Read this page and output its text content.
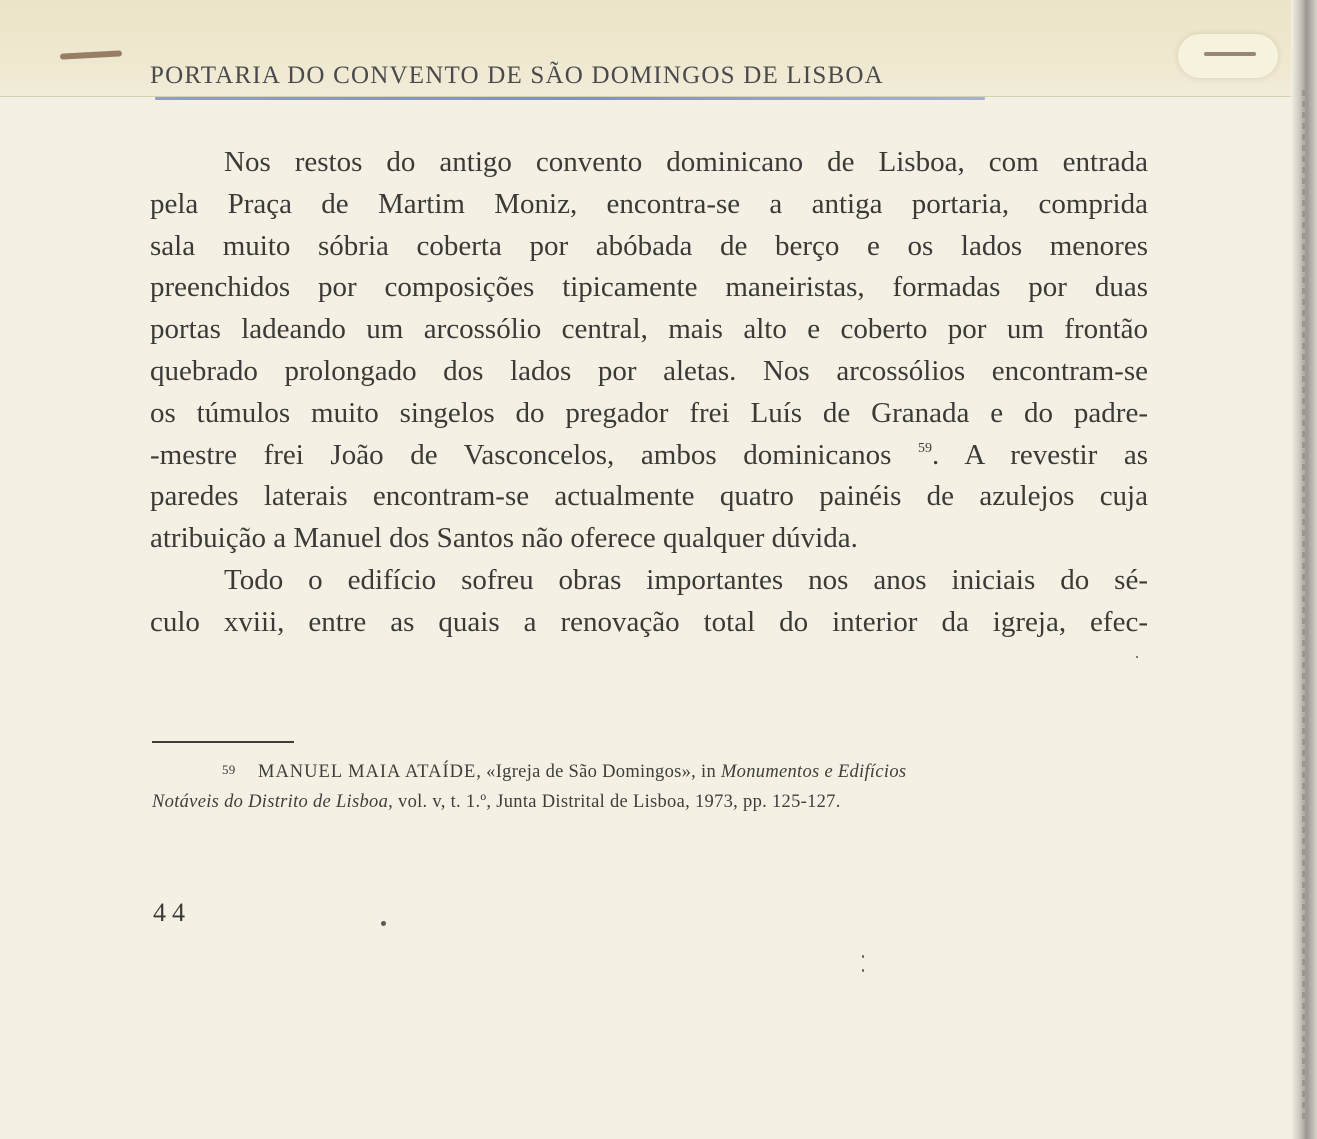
PORTARIA DO CONVENTO DE SÃO DOMINGOS DE LISBOA
Nos restos do antigo convento dominicano de Lisboa, com entrada
pela Praça de Martim Moniz, encontra-se a antiga portaria, comprida
sala muito sóbria coberta por abóbada de berço e os lados menores
preenchidos por composições tipicamente maneiristas, formadas por duas
portas ladeando um arcossólio central, mais alto e coberto por um frontão
quebrado prolongado dos lados por aletas. Nos arcossólios encontram-se
os túmulos muito singelos do pregador frei Luís de Granada e do padre-
-mestre frei João de Vasconcelos, ambos dominicanos $^{59}$. A revestir as
paredes laterais encontram-se actualmente quatro painéis de azulejos cuja
atribuição a Manuel dos Santos não oferece qualquer dúvida.
Todo o edifício sofreu obras importantes nos anos iniciais do sé-
culo xviii, entre as quais a renovação total do interior da igreja, efec-
59 MANUEL MAIA ATAÍDE, «Igreja de São Domingos», in Monumentos e Edifícios
Notáveis do Distrito de Lisboa, vol. v, t. 1.º, Junta Distrital de Lisboa, 1973, pp. 125-127.
44
